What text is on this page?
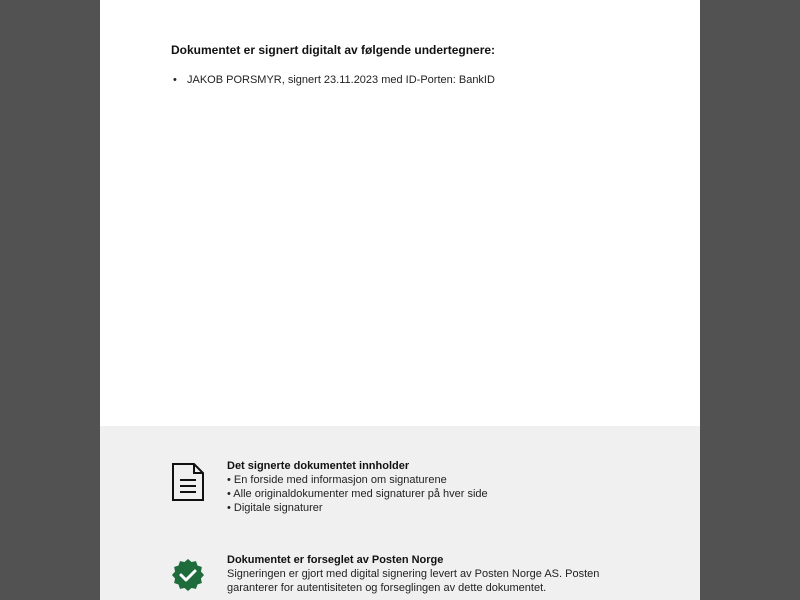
Dokumentet er signert digitalt av følgende undertegnere:
• JAKOB PORSMYR, signert 23.11.2023 med ID-Porten: BankID

Det signerte dokumentet innholder

• En forside med informasjon om signaturene

• Alle originaldokumenter med signaturer på hver side

• Digitale signaturer

Dokumentet er forseglet av Posten Norge

Signeringen er gjort med digital signering levert av Posten Norge AS. Posten

garanterer for autentisiteten og forseglingen av dette dokumentet.
